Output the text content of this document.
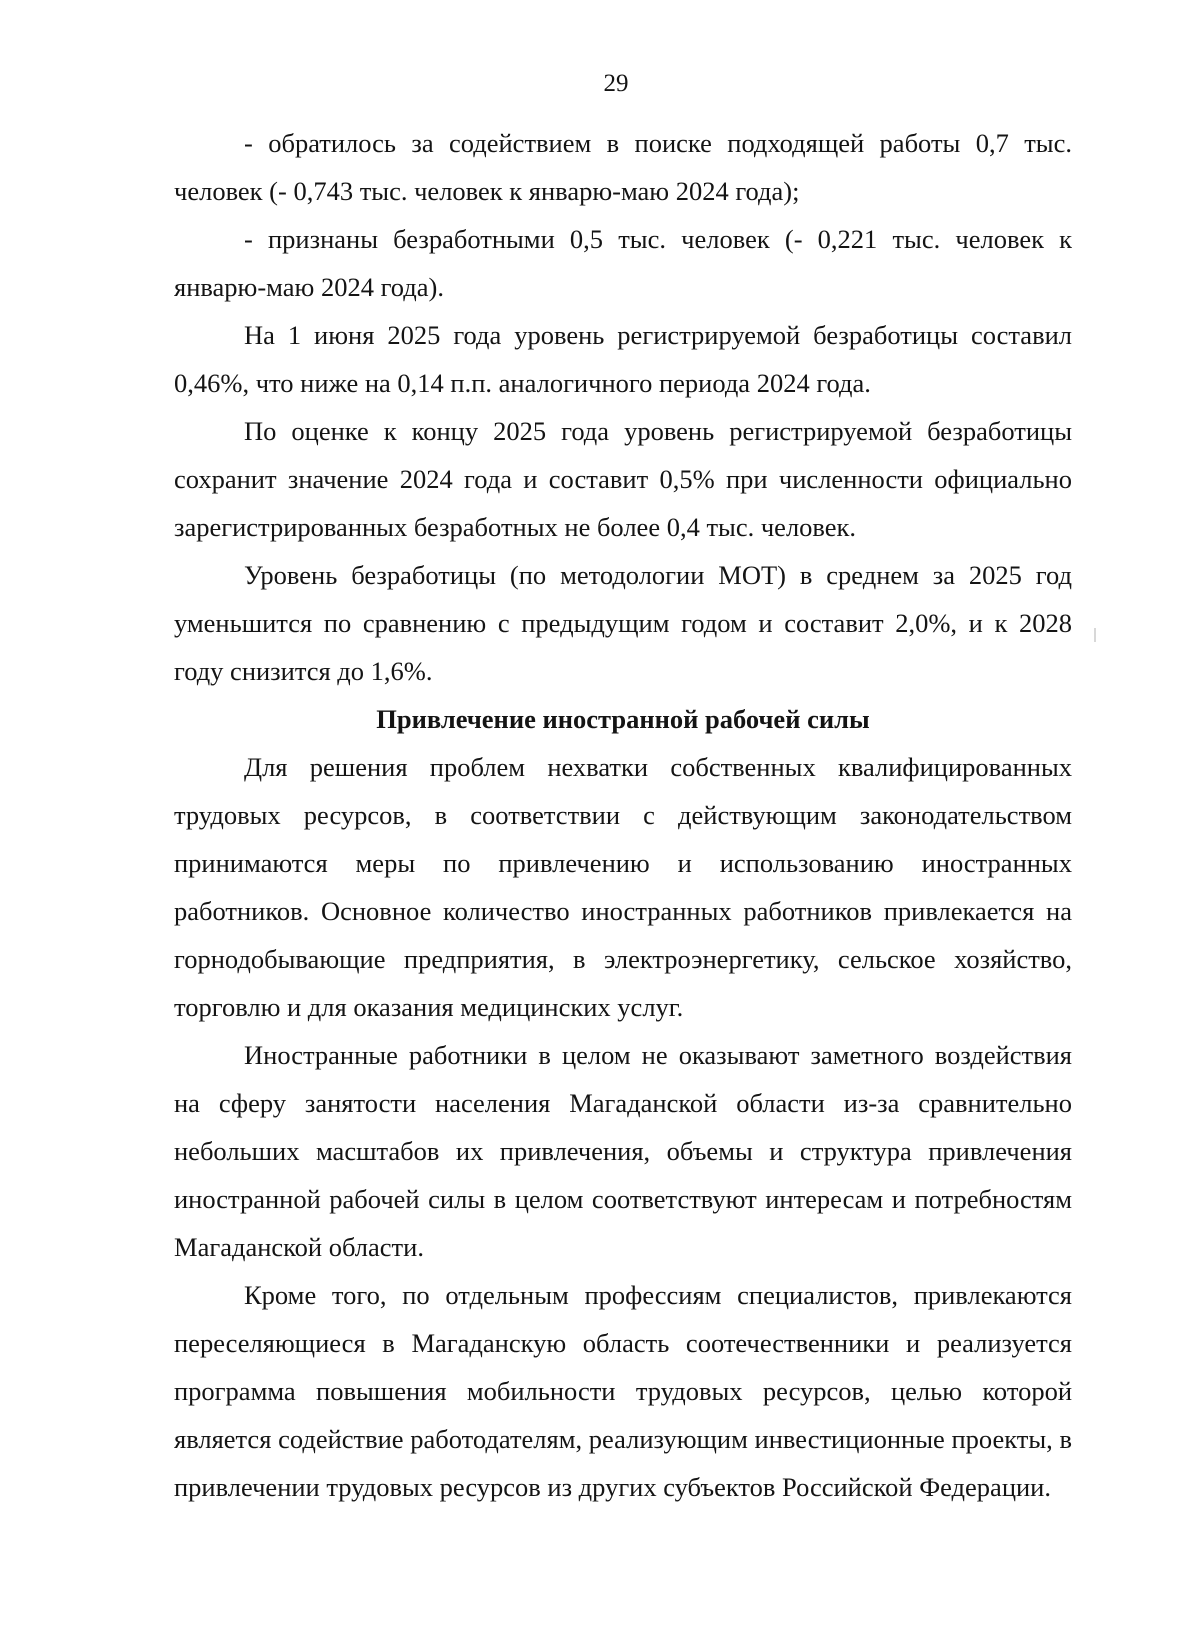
29

- обратилось за содействием в поиске подходящей работы 0,7 тыс. человек (- 0,743 тыс. человек к январю-маю 2024 года);

- признаны безработными 0,5 тыс. человек (- 0,221 тыс. человек к январю-маю 2024 года).

На 1 июня 2025 года уровень регистрируемой безработицы составил 0,46%, что ниже на 0,14 п.п. аналогичного периода 2024 года.

По оценке к концу 2025 года уровень регистрируемой безработицы сохранит значение 2024 года и составит 0,5% при численности официально зарегистрированных безработных не более 0,4 тыс. человек.

Уровень безработицы (по методологии МОТ) в среднем за 2025 год уменьшится по сравнению с предыдущим годом и составит 2,0%, и к 2028 году снизится до 1,6%.

Привлечение иностранной рабочей силы

Для решения проблем нехватки собственных квалифицированных трудовых ресурсов, в соответствии с действующим законодательством принимаются меры по привлечению и использованию иностранных работников. Основное количество иностранных работников привлекается на горнодобывающие предприятия, в электроэнергетику, сельское хозяйство, торговлю и для оказания медицинских услуг.

Иностранные работники в целом не оказывают заметного воздействия на сферу занятости населения Магаданской области из-за сравнительно небольших масштабов их привлечения, объемы и структура привлечения иностранной рабочей силы в целом соответствуют интересам и потребностям Магаданской области.

Кроме того, по отдельным профессиям специалистов, привлекаются переселяющиеся в Магаданскую область соотечественники и реализуется программа повышения мобильности трудовых ресурсов, целью которой является содействие работодателям, реализующим инвестиционные проекты, в привлечении трудовых ресурсов из других субъектов Российской Федерации.
